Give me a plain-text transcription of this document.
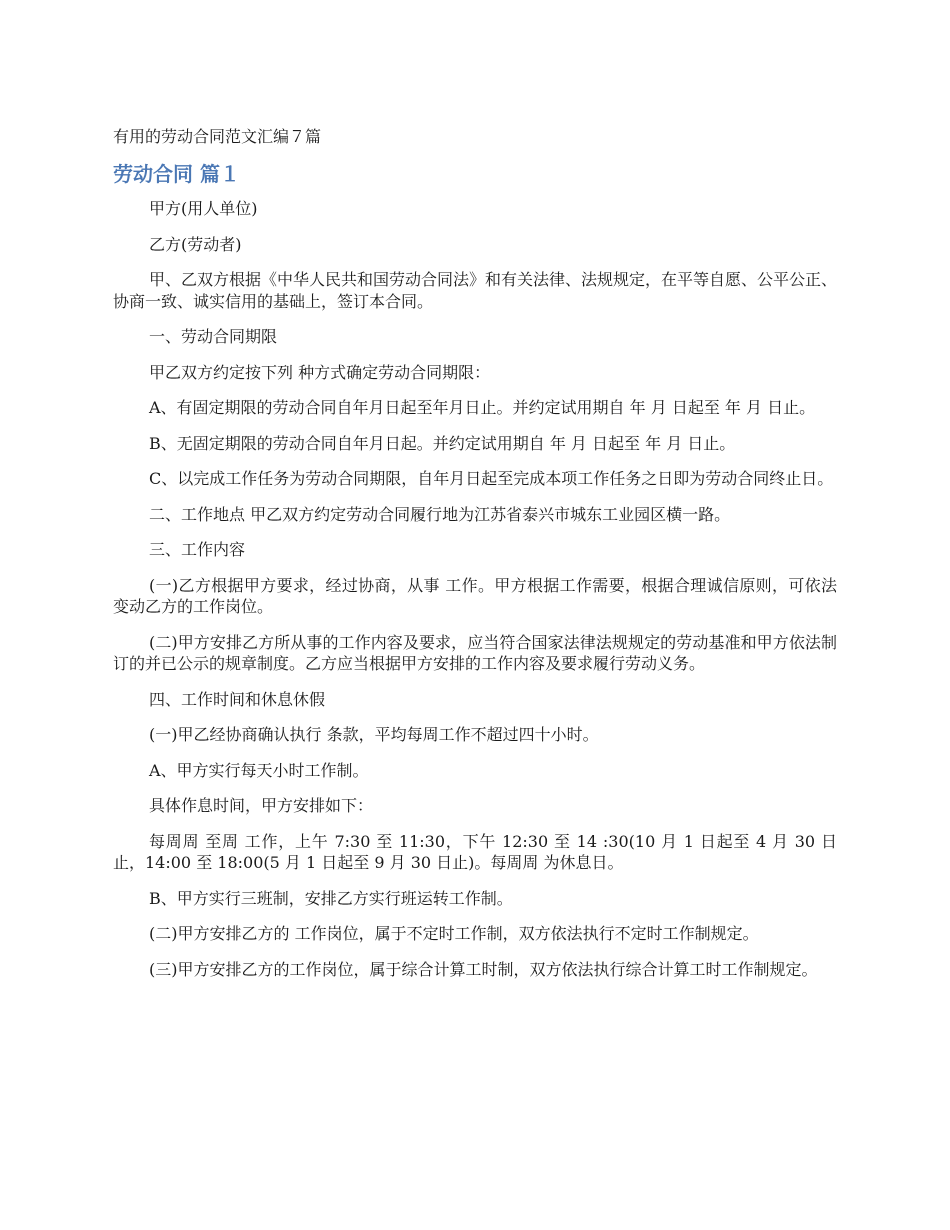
有用的劳动合同范文汇编７篇
劳动合同 篇１

甲方(用人单位)

乙方(劳动者)

甲、乙双方根据《中华人民共和国劳动合同法》和有关法律、法规规定，在平等自愿、公平公正、协商一致、诚实信用的基础上，签订本合同。

一、劳动合同期限

甲乙双方约定按下列 种方式确定劳动合同期限：

A、有固定期限的劳动合同自年月日起至年月日止。并约定试用期自 年 月 日起至 年 月 日止。

B、无固定期限的劳动合同自年月日起。并约定试用期自 年 月 日起至 年 月 日止。

C、以完成工作任务为劳动合同期限，自年月日起至完成本项工作任务之日即为劳动合同终止日。

二、工作地点 甲乙双方约定劳动合同履行地为江苏省泰兴市城东工业园区横一路。

三、工作内容

(一)乙方根据甲方要求，经过协商，从事 工作。甲方根据工作需要，根据合理诚信原则，可依法变动乙方的工作岗位。

(二)甲方安排乙方所从事的工作内容及要求，应当符合国家法律法规规定的劳动基准和甲方依法制订的并已公示的规章制度。乙方应当根据甲方安排的工作内容及要求履行劳动义务。

四、工作时间和休息休假

(一)甲乙经协商确认执行 条款，平均每周工作不超过四十小时。

A、甲方实行每天小时工作制。

具体作息时间，甲方安排如下：

每周周 至周 工作，上午 7:30 至 11:30，下午 12:30 至 14 :30(10 月 1 日起至 4 月 30 日止，14:00 至 18:00(5 月 1 日起至 9 月 30 日止)。每周周 为休息日。

B、甲方实行三班制，安排乙方实行班运转工作制。

(二)甲方安排乙方的 工作岗位，属于不定时工作制，双方依法执行不定时工作制规定。

(三)甲方安排乙方的工作岗位，属于综合计算工时制，双方依法执行综合计算工时工作制规定。
